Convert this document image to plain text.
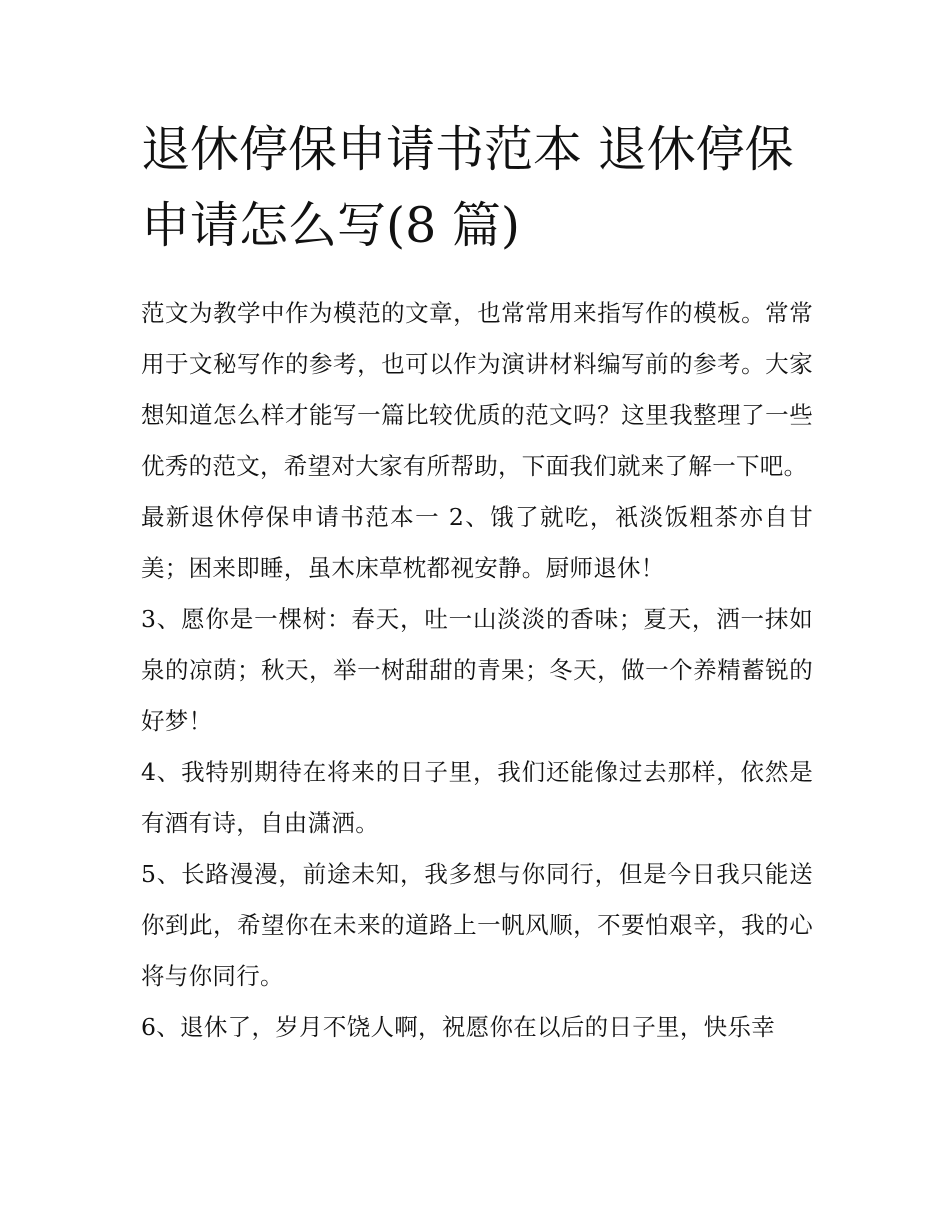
退休停保申请书范本 退休停保申请怎么写(8 篇)

范文为教学中作为模范的文章，也常常用来指写作的模板。常常用于文秘写作的参考，也可以作为演讲材料编写前的参考。大家想知道怎么样才能写一篇比较优质的范文吗？这里我整理了一些优秀的范文，希望对大家有所帮助，下面我们就来了解一下吧。

最新退休停保申请书范本一 2、饿了就吃，衹淡饭粗茶亦自甘美；困来即睡，虽木床草枕都视安静。厨师退休！

3、愿你是一棵树：春天，吐一山淡淡的香味；夏天，洒一抹如泉的凉荫；秋天，举一树甜甜的青果；冬天，做一个养精蓄锐的好梦！

4、我特别期待在将来的日子里，我们还能像过去那样，依然是有酒有诗，自由潇洒。

5、长路漫漫，前途未知，我多想与你同行，但是今日我只能送你到此，希望你在未来的道路上一帆风顺，不要怕艰辛，我的心将与你同行。

6、退休了，岁月不饶人啊，祝愿你在以后的日子里，快乐幸
